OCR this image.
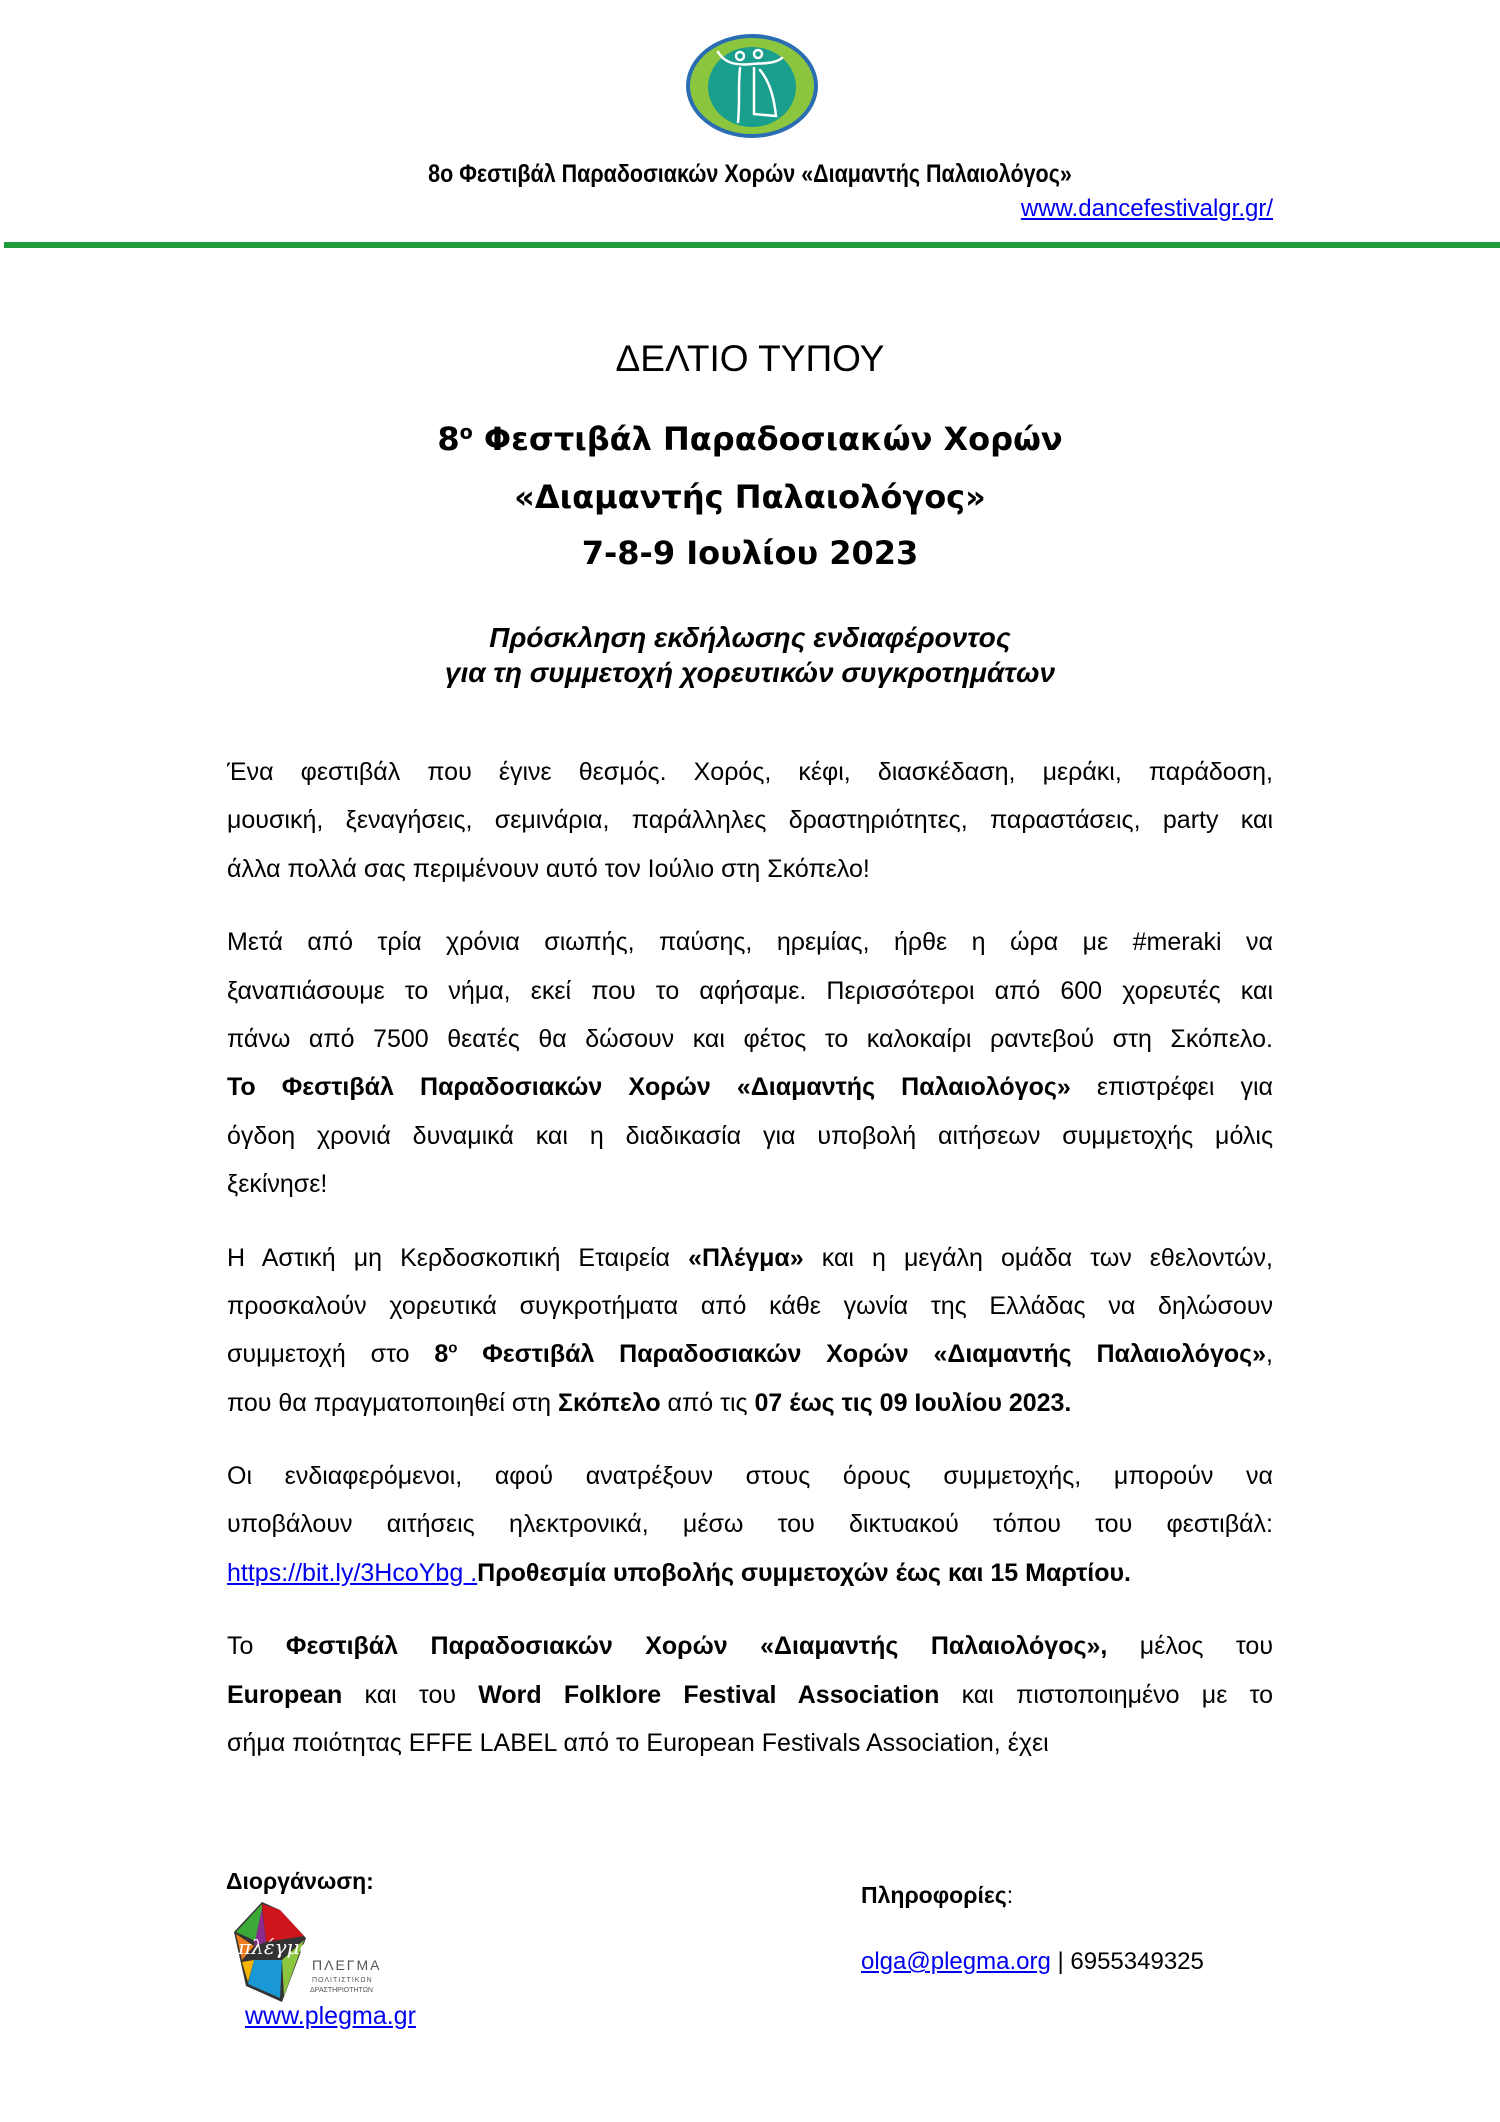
8ο Φεστιβάλ Παραδοσιακών Χορών «Διαμαντής Παλαιολόγος»
www.dancefestivalgr.gr/
ΔΕΛΤΙΟ ΤΥΠΟΥ
$8^o$ Φεστιβάλ Παραδοσιακών Χορών
«Διαμαντής Παλαιολόγος»
7-8-9 Ιουλίου 2023
Πρόσκληση εκδήλωσης ενδιαφέροντος
για τη συμμετοχή χορευτικών συγκροτημάτων
Ένα φεστιβάλ που έγινε θεσμός. Χορός, κέφι, διασκέδαση, μεράκι, παράδοση,
μουσική, ξεναγήσεις, σεμινάρια, παράλληλες δραστηριότητες, παραστάσεις, party και
άλλα πολλά σας περιμένουν αυτό τον Ιούλιο στη Σκόπελο!
Μετά από τρία χρόνια σιωπής, παύσης, ηρεμίας, ήρθε η ώρα με #meraki να
ξαναπιάσουμε το νήμα, εκεί που το αφήσαμε. Περισσότεροι από 600 χορευτές και
πάνω από 7500 θεατές θα δώσουν και φέτος το καλοκαίρι ραντεβού στη Σκόπελο.
Το Φεστιβάλ Παραδοσιακών Χορών «Διαμαντής Παλαιολόγος» επιστρέφει για
όγδοη χρονιά δυναμικά και η διαδικασία για υποβολή αιτήσεων συμμετοχής μόλις
ξεκίνησε!
Η Αστική μη Κερδοσκοπική Εταιρεία «Πλέγμα» και η μεγάλη ομάδα των εθελοντών,
προσκαλούν χορευτικά συγκροτήματα από κάθε γωνία της Ελλάδας να δηλώσουν
συμμετοχή στο $8^o$ Φεστιβάλ Παραδοσιακών Χορών «Διαμαντής Παλαιολόγος»,
που θα πραγματοποιηθεί στη Σκόπελο από τις 07 έως τις 09 Ιουλίου 2023.
Οι ενδιαφερόμενοι, αφού ανατρέξουν στους όρους συμμετοχής, μπορούν να
υποβάλουν αιτήσεις ηλεκτρονικά, μέσω του δικτυακού τόπου του φεστιβάλ:
https://bit.ly/3HcoYbg .Προθεσμία υποβολής συμμετοχών έως και 15 Μαρτίου.
Το Φεστιβάλ Παραδοσιακών Χορών «Διαμαντής Παλαιολόγος», μέλος του
European και του Word Folklore Festival Association και πιστοποιημένο με το
σήμα ποιότητας EFFE LABEL από το European Festivals Association, έχει
Διοργάνωση:
πλέγμα
ΠΛΕΓΜΑ
ΠΟΛΙΤΙΣΤΙΚΩΝ
ΔΡΑΣΤΗΡΙΟΤΗΤΩΝ
www.plegma.gr
Πληροφορίες:
olga@plegma.org | 6955349325
